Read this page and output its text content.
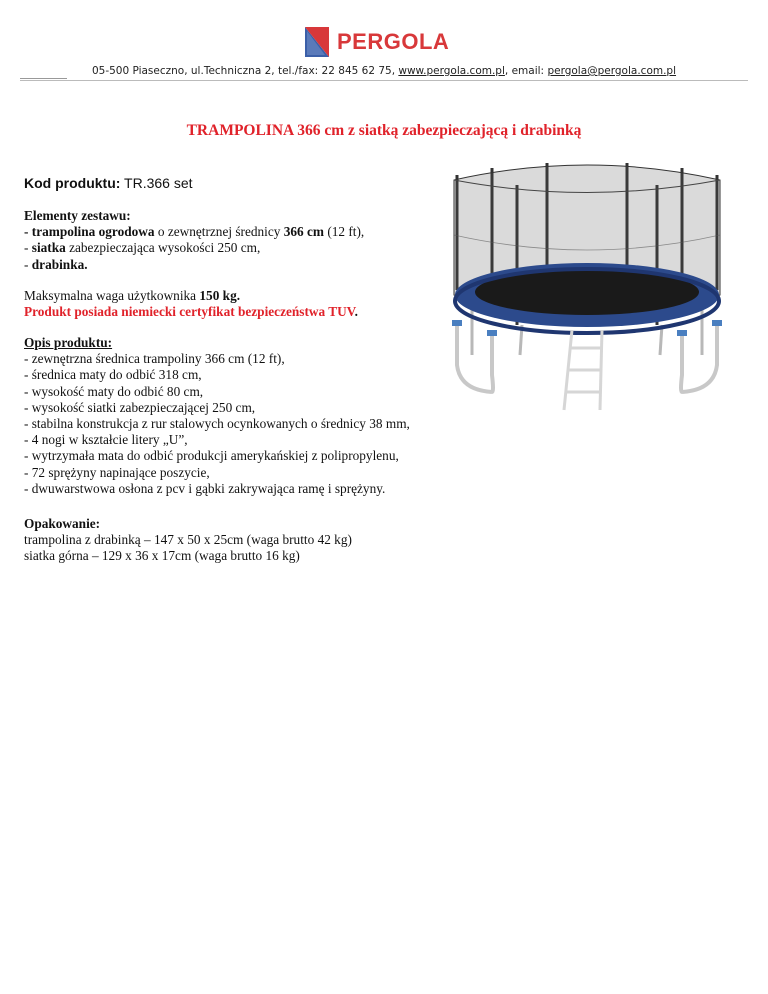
PERGOLA
05-500 Piaseczno, ul.Techniczna 2, tel./fax: 22 845 62 75, www.pergola.com.pl, email: pergola@pergola.com.pl
TRAMPOLINA 366 cm z siatką zabezpieczającą i drabinką
Kod produktu: TR.366 set
Elementy zestawu:
- trampolina ogrodowa o zewnętrznej średnicy 366 cm (12 ft),
- siatka zabezpieczająca wysokości 250 cm,
- drabinka.
Maksymalna waga użytkownika 150 kg.
Produkt posiada niemiecki certyfikat bezpieczeństwa TUV.
Opis produktu:
- zewnętrzna średnica trampoliny 366 cm (12 ft),
- średnica maty do odbić 318 cm,
- wysokość maty do odbić 80 cm,
- wysokość siatki zabezpieczającej 250 cm,
- stabilna konstrukcja z rur stalowych ocynkowanych o średnicy 38 mm,
- 4 nogi w kształcie litery „U”,
- wytrzymała mata do odbić produkcji amerykańskiej z polipropylenu,
- 72 sprężyny napinające poszycie,
- dwuwarstwowa osłona z pcv i gąbki zakrywająca ramę i sprężyny.
Opakowanie:
trampolina z drabinką – 147 x 50 x 25cm (waga brutto 42 kg)
siatka górna – 129 x 36 x 17cm (waga brutto 16 kg)
